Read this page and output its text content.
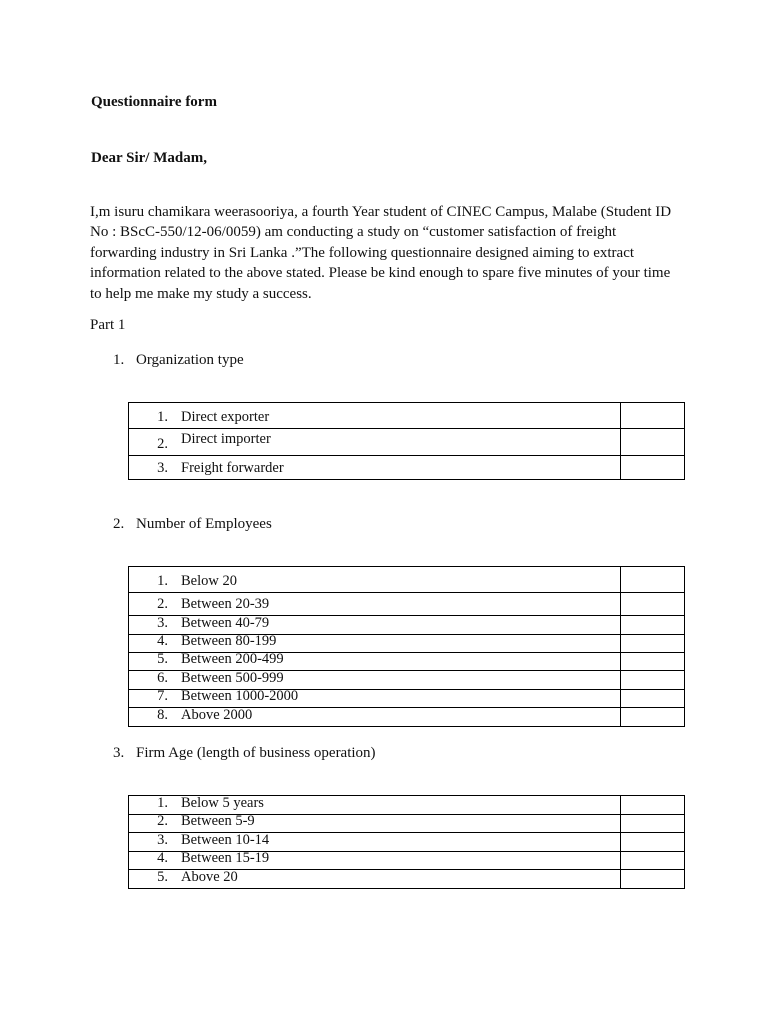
Questionnaire form
Dear Sir/ Madam,
I,m isuru chamikara weerasooriya, a fourth Year student of CINEC Campus, Malabe (Student ID
No : BScC-550/12-06/0059) am conducting a study on “customer satisfaction of freight
forwarding industry in Sri Lanka .”The following questionnaire designed aiming to extract
information related to the above stated. Please be kind enough to spare five minutes of your time
to help me make my study a success.
Part 1
1. Organization type
1. Direct exporter
2. Direct importer
3. Freight forwarder
2. Number of Employees
1. Below 20
2. Between 20-39
3. Between 40-79
4. Between 80-199
5. Between 200-499
6. Between 500-999
7. Between 1000-2000
8. Above 2000
3. Firm Age (length of business operation)
1. Below 5 years
2. Between 5-9
3. Between 10-14
4. Between 15-19
5. Above 20
